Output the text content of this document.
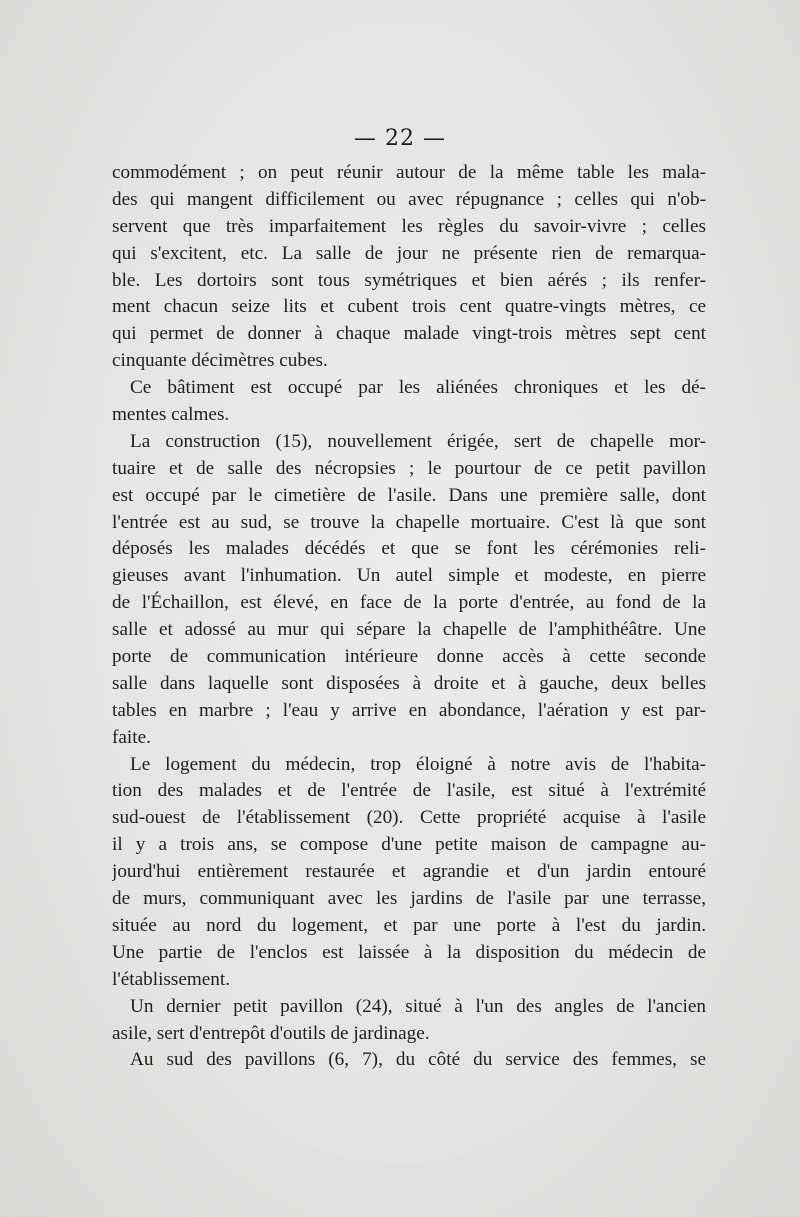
— 22 —
commodément ; on peut réunir autour de la même table les mala-
des qui mangent difficilement ou avec répugnance ; celles qui n'ob-
servent que très imparfaitement les règles du savoir-vivre ; celles
qui s'excitent, etc. La salle de jour ne présente rien de remarqua-
ble. Les dortoirs sont tous symétriques et bien aérés ; ils renfer-
ment chacun seize lits et cubent trois cent quatre-vingts mètres, ce
qui permet de donner à chaque malade vingt-trois mètres sept cent
cinquante décimètres cubes.
Ce bâtiment est occupé par les aliénées chroniques et les dé-
mentes calmes.
La construction (15), nouvellement érigée, sert de chapelle mor-
tuaire et de salle des nécropsies ; le pourtour de ce petit pavillon
est occupé par le cimetière de l'asile. Dans une première salle, dont
l'entrée est au sud, se trouve la chapelle mortuaire. C'est là que sont
déposés les malades décédés et que se font les cérémonies reli-
gieuses avant l'inhumation. Un autel simple et modeste, en pierre
de l'Échaillon, est élevé, en face de la porte d'entrée, au fond de la
salle et adossé au mur qui sépare la chapelle de l'amphithéâtre. Une
porte de communication intérieure donne accès à cette seconde
salle dans laquelle sont disposées à droite et à gauche, deux belles
tables en marbre ; l'eau y arrive en abondance, l'aération y est par-
faite.
Le logement du médecin, trop éloigné à notre avis de l'habita-
tion des malades et de l'entrée de l'asile, est situé à l'extrémité
sud-ouest de l'établissement (20). Cette propriété acquise à l'asile
il y a trois ans, se compose d'une petite maison de campagne au-
jourd'hui entièrement restaurée et agrandie et d'un jardin entouré
de murs, communiquant avec les jardins de l'asile par une terrasse,
située au nord du logement, et par une porte à l'est du jardin.
Une partie de l'enclos est laissée à la disposition du médecin de
l'établissement.
Un dernier petit pavillon (24), situé à l'un des angles de l'ancien
asile, sert d'entrepôt d'outils de jardinage.
Au sud des pavillons (6, 7), du côté du service des femmes, se
